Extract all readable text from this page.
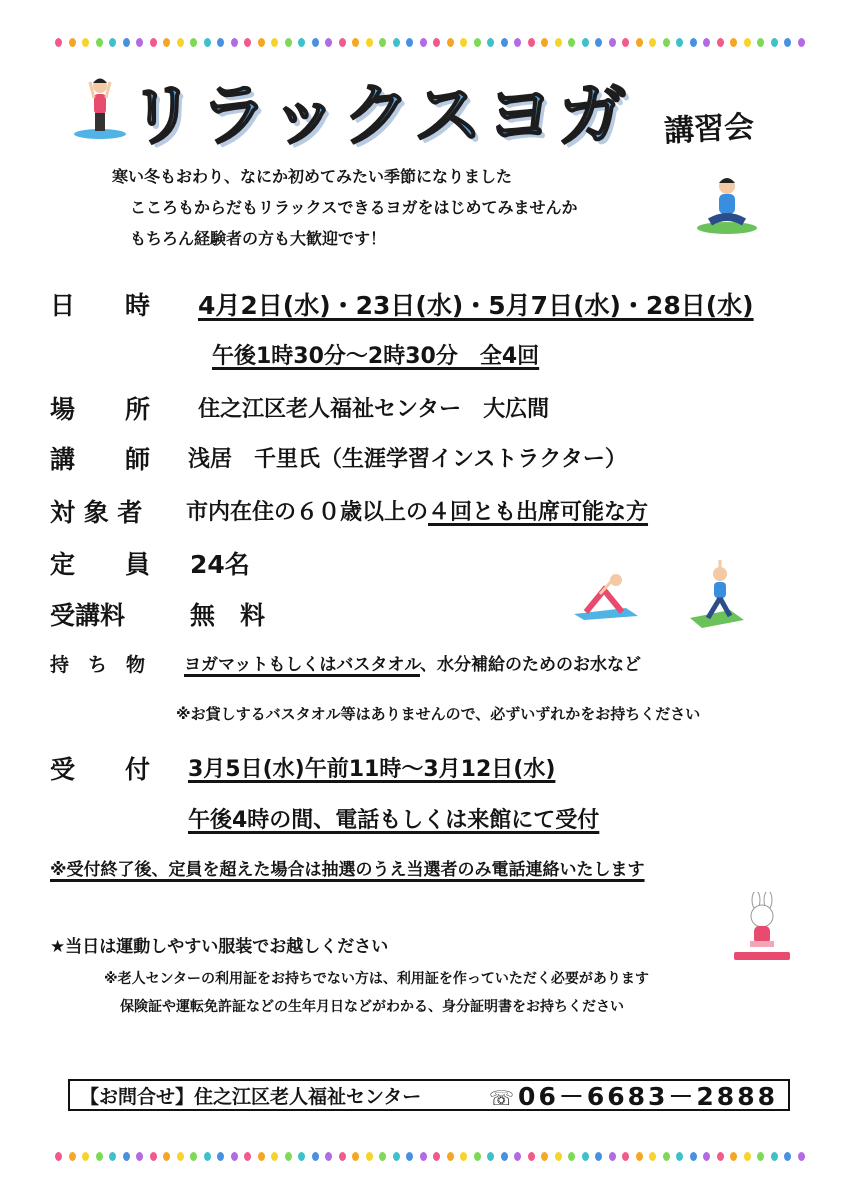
リラックスヨガ 講習会
寒い冬もおわり、なにか初めてみたい季節になりました
こころもからだもリラックスできるヨガをはじめてみませんか
もちろん経験者の方も大歓迎です！
日　　時 4月2日(水)・23日(水)・5月7日(水)・28日(水)
午後1時30分～2時30分　全4回
場　　所 住之江区老人福祉センター　大広間
講　　師 浅居　千里氏（生涯学習インストラクター）
対 象 者 市内在住の６０歳以上の４回とも出席可能な方
定　　員 24名
受講料	無　料
持　ち　物 ヨガマットもしくはバスタオル、水分補給のためのお水など
※お貸しするバスタオル等はありませんので、必ずいずれかをお持ちください
受　　付 3月5日(水)午前11時～3月12日(水)
午後4時の間、電話もしくは来館にて受付
※受付終了後、定員を超えた場合は抽選のうえ当選者のみ電話連絡いたします
★当日は運動しやすい服装でお越しください
※老人センターの利用証をお持ちでない方は、利用証を作っていただく必要があります
保険証や運転免許証などの生年月日などがわかる、身分証明書をお持ちください
【お問合せ】住之江区老人福祉センター	☏ 06－6683－2888
